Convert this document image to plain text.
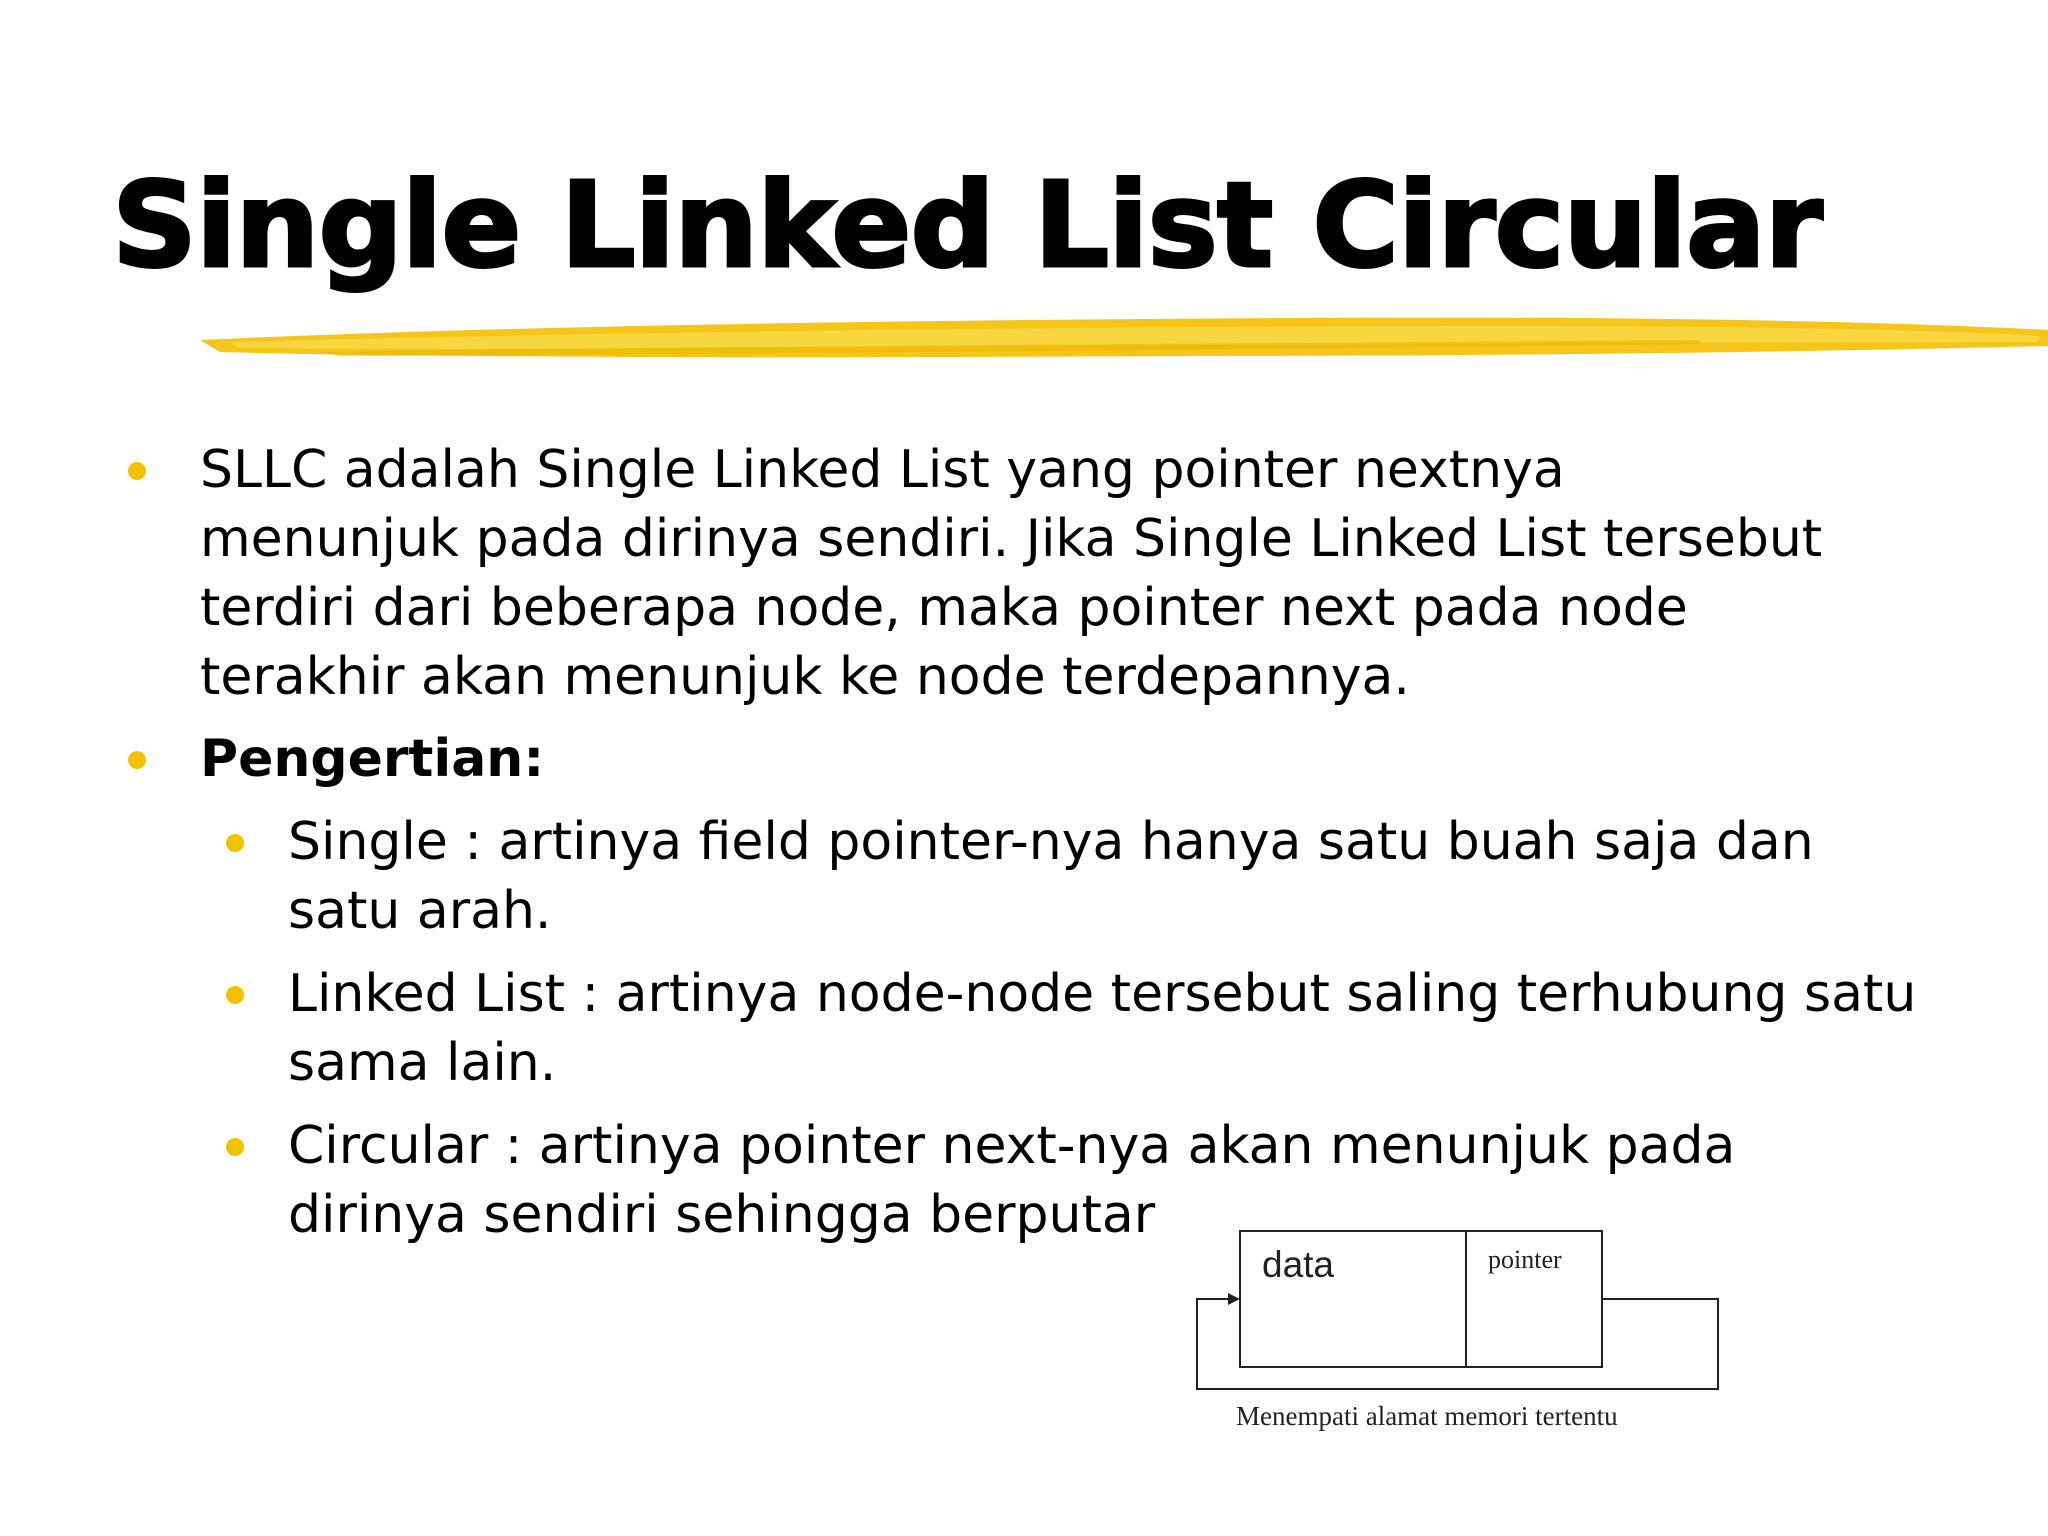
Single Linked List Circular
SLLC adalah Single Linked List yang pointer nextnya menunjuk pada dirinya sendiri. Jika Single Linked List tersebut terdiri dari beberapa node, maka pointer next pada node terakhir akan menunjuk ke node terdepannya.
Pengertian:
Single : artinya field pointer-nya hanya satu buah saja dan satu arah.
Linked List : artinya node-node tersebut saling terhubung satu sama lain.
Circular : artinya pointer next-nya akan menunjuk pada dirinya sendiri sehingga berputar
data	pointer
Menempati alamat memori tertentu
